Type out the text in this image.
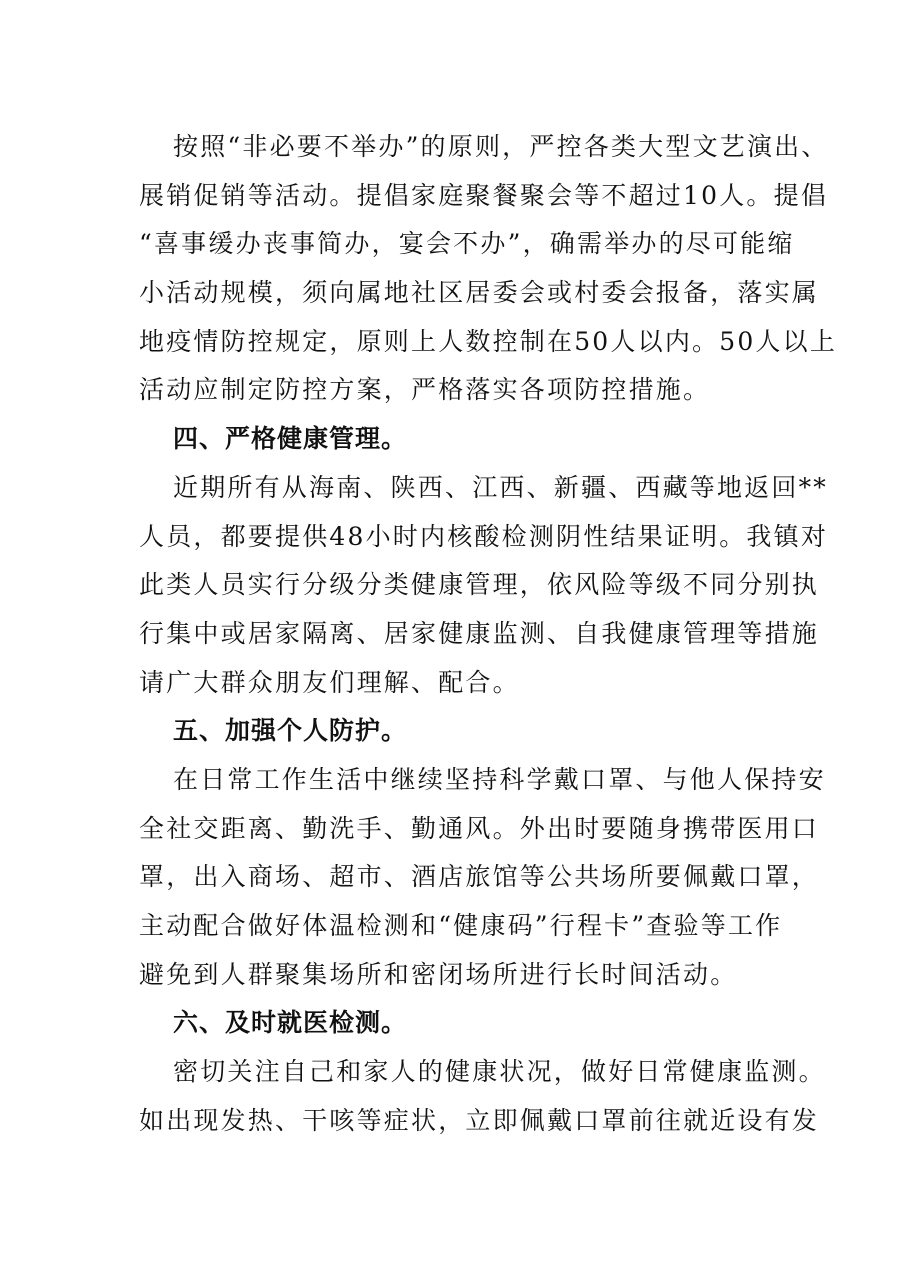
按照“非必要不举办”的原则，严控各类大型文艺演出、
展销促销等活动。提倡家庭聚餐聚会等不超过10人。提倡
“喜事缓办丧事简办，宴会不办”，确需举办的尽可能缩
小活动规模，须向属地社区居委会或村委会报备，落实属
地疫情防控规定，原则上人数控制在50人以内。50人以上
活动应制定防控方案，严格落实各项防控措施。
四、严格健康管理。
近期所有从海南、陕西、江西、新疆、西藏等地返回**
人员，都要提供48小时内核酸检测阴性结果证明。我镇对
此类人员实行分级分类健康管理，依风险等级不同分别执
行集中或居家隔离、居家健康监测、自我健康管理等措施
请广大群众朋友们理解、配合。
五、加强个人防护。
在日常工作生活中继续坚持科学戴口罩、与他人保持安
全社交距离、勤洗手、勤通风。外出时要随身携带医用口
罩，出入商场、超市、酒店旅馆等公共场所要佩戴口罩，
主动配合做好体温检测和“健康码”行程卡”查验等工作
避免到人群聚集场所和密闭场所进行长时间活动。
六、及时就医检测。
密切关注自己和家人的健康状况，做好日常健康监测。
如出现发热、干咳等症状，立即佩戴口罩前往就近设有发
